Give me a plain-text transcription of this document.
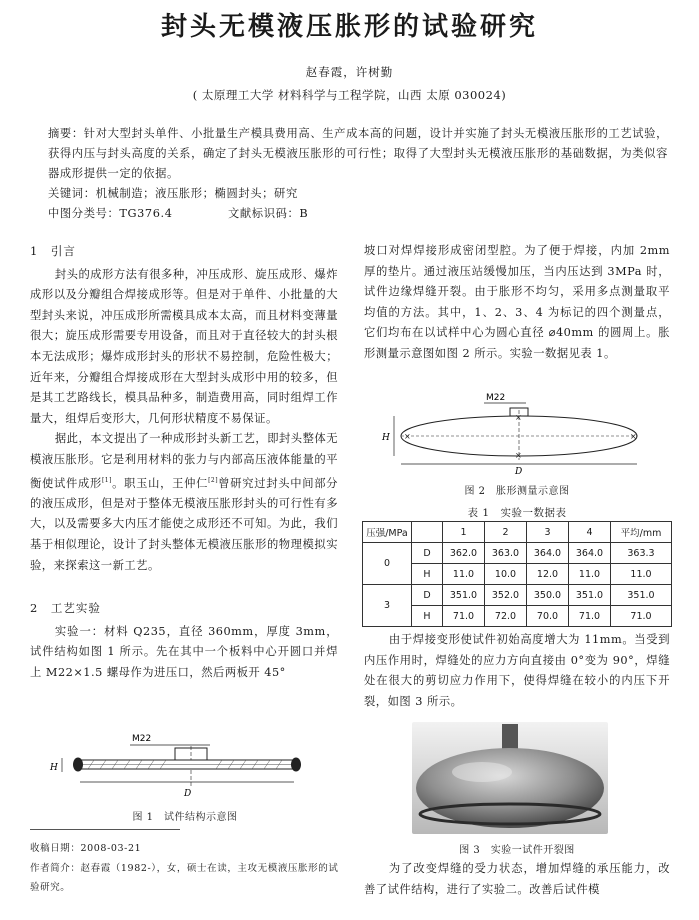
封头无模液压胀形的试验研究
赵春霞，许树勤
( 太原理工大学 材料科学与工程学院，山西 太原 030024)
摘要：针对大型封头单件、小批量生产模具费用高、生产成本高的问题，设计并实施了封头无模液压胀形的工艺试验，获得内压与封头高度的关系，确定了封头无模液压胀形的可行性；取得了大型封头无模液压胀形的基础数据，为类似容器成形提供一定的依据。
关键词：机械制造；液压胀形；椭圆封头；研究
中图分类号：TG376.4	文献标识码：B
1　引言

封头的成形方法有很多种，冲压成形、旋压成形、爆炸成形以及分瓣组合焊接成形等。但是对于单件、小批量的大型封头来说，冲压成形所需模具成本太高，而且材料变薄量很大；旋压成形需要专用设备，而且对于直径较大的封头根本无法成形；爆炸成形封头的形状不易控制，危险性极大；近年来，分瓣组合焊接成形在大型封头成形中用的较多，但是其工艺路线长，模具品种多，制造费用高，同时组焊工作量大，组焊后变形大，几何形状精度不易保证。

据此，本文提出了一种成形封头新工艺，即封头整体无模液压胀形。它是利用材料的张力与内部高压液体能量的平衡使试件成形[1]。职玉山，王仲仁[2]曾研究过封头中间部分的液压成形，但是对于整体无模液压胀形封头的可行性有多大，以及需要多大内压才能使之成形还不可知。为此，我们基于相似理论，设计了封头整体无模液压胀形的物理模拟实验，来探索这一新工艺。

2　工艺实验

实验一：材料 Q235，直径 360mm，厚度 3mm，试件结构如图 1 所示。先在其中一个板料中心开圆口并焊上 M22×1.5 螺母作为进压口，然后两板开 45°

M22
H
D
图 1　试件结构示意图
收稿日期：2008-03-21
作者简介：赵春霞（1982-），女，硕士在读，主攻无模液压胀形的试验研究。

坡口对焊焊接形成密闭型腔。为了便于焊接，内加 2mm 厚的垫片。通过液压站缓慢加压，当内压达到 3MPa 时，试件边缘焊缝开裂。由于胀形不均匀，采用多点测量取平均值的方法。其中，1、2、3、4 为标记的四个测量点，它们均布在以试样中心为圆心直径 ⌀40mm 的圆周上。胀形测量示意图如图 2 所示。实验一数据见表 1。

M22
×	×
×
×
H
D
图 2　胀形测量示意图
表 1　实验一数据表
压强/MPa		1	2	3	4	平均/mm
0	D	362.0	363.0	364.0	364.0	363.3
	H	11.0	10.0	12.0	11.0	11.0
3	D	351.0	352.0	350.0	351.0	351.0
	H	71.0	72.0	70.0	71.0	71.0

由于焊接变形使试件初始高度增大为 11mm。当受到内压作用时，焊缝处的应力方向直接由 0°变为 90°，焊缝处在很大的剪切应力作用下，使得焊缝在较小的内压下开裂，如图 3 所示。

图 3　实验一试件开裂图

为了改变焊缝的受力状态，增加焊缝的承压能力，改善了试件结构，进行了实验二。改善后试件模
